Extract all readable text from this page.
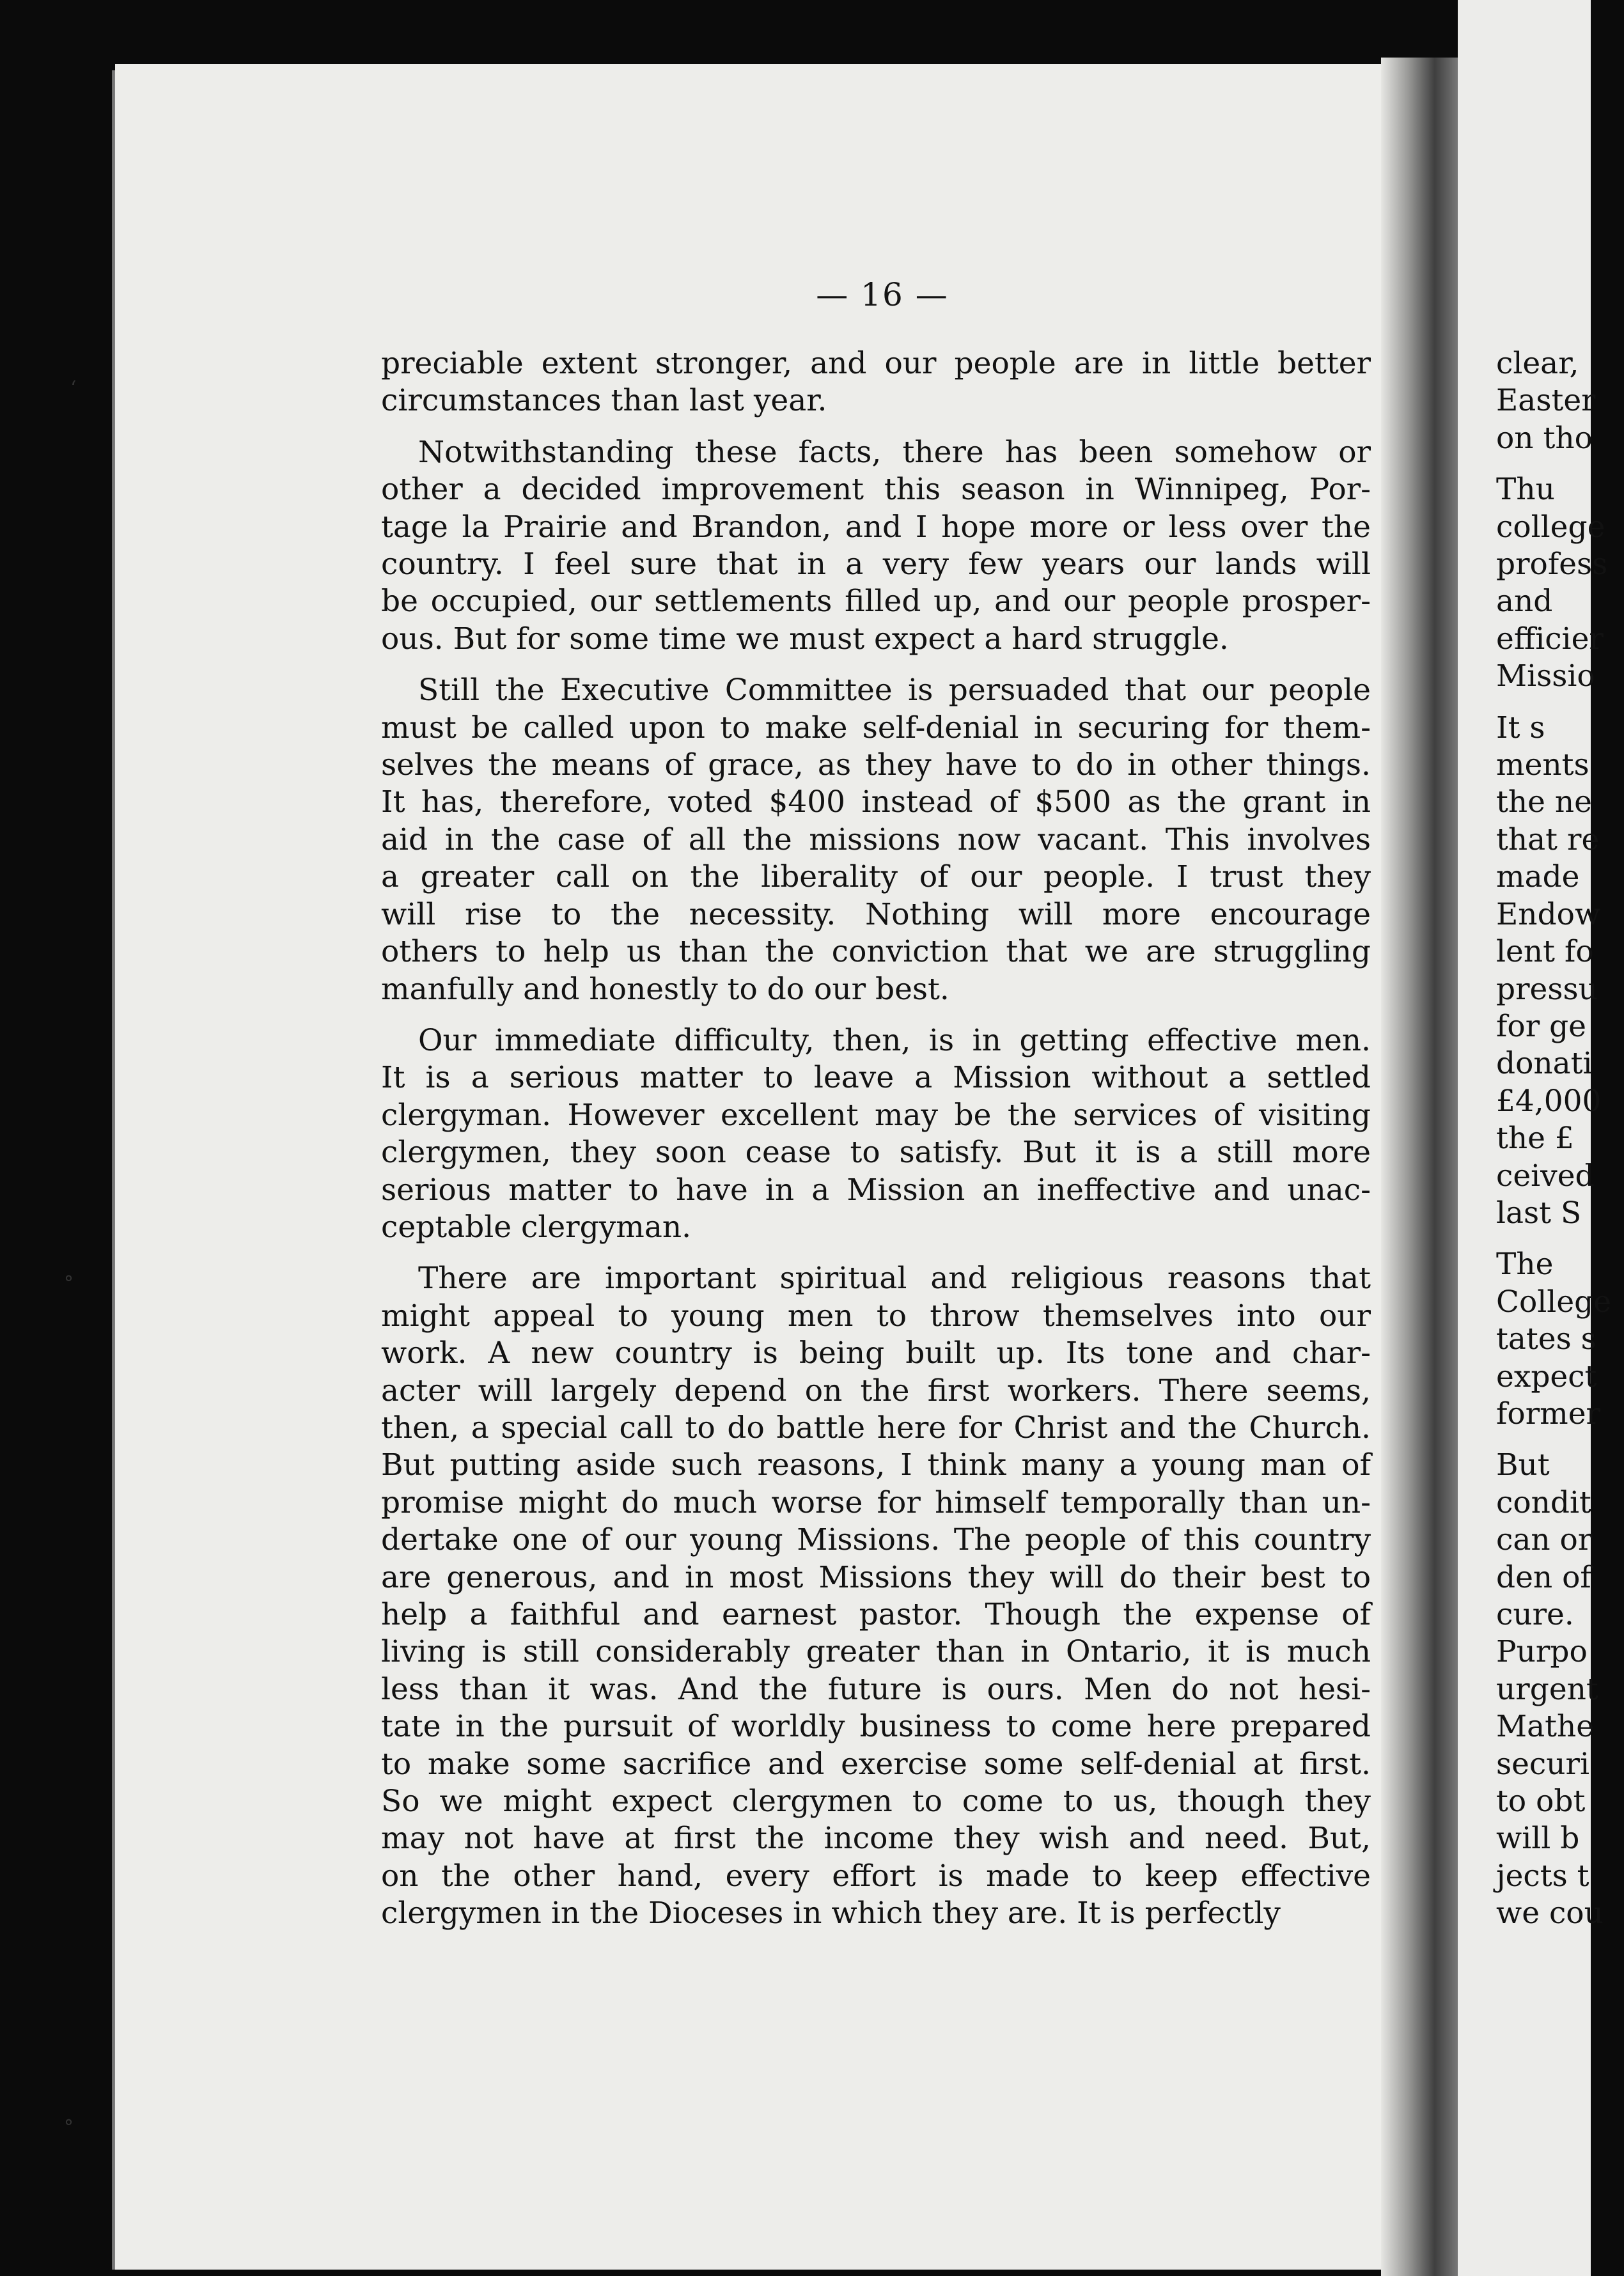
— 16 —
preciable extent stronger, and our people are in little better
circumstances than last year.
Notwithstanding these facts, there has been somehow or
other a decided improvement this season in Winnipeg, Por-
tage la Prairie and Brandon, and I hope more or less over the
country. I feel sure that in a very few years our lands will
be occupied, our settlements filled up, and our people prosper-
ous. But for some time we must expect a hard struggle.
Still the Executive Committee is persuaded that our people
must be called upon to make self-denial in securing for them-
selves the means of grace, as they have to do in other things.
It has, therefore, voted $400 instead of $500 as the grant in
aid in the case of all the missions now vacant. This involves
a greater call on the liberality of our people. I trust they
will rise to the necessity. Nothing will more encourage
others to help us than the conviction that we are struggling
manfully and honestly to do our best.
Our immediate difficulty, then, is in getting effective men.
It is a serious matter to leave a Mission without a settled
clergyman. However excellent may be the services of visiting
clergymen, they soon cease to satisfy. But it is a still more
serious matter to have in a Mission an ineffective and unac-
ceptable clergyman.
There are important spiritual and religious reasons that
might appeal to young men to throw themselves into our
work. A new country is being built up. Its tone and char-
acter will largely depend on the first workers. There seems,
then, a special call to do battle here for Christ and the Church.
But putting aside such reasons, I think many a young man of
promise might do much worse for himself temporally than un-
dertake one of our young Missions. The people of this country
are generous, and in most Missions they will do their best to
help a faithful and earnest pastor. Though the expense of
living is still considerably greater than in Ontario, it is much
less than it was. And the future is ours. Men do not hesi-
tate in the pursuit of worldly business to come here prepared
to make some sacrifice and exercise some self-denial at first.
So we might expect clergymen to come to us, though they
may not have at first the income they wish and need. But,
on the other hand, every effort is made to keep effective
clergymen in the Dioceses in which they are. It is perfectly
clear,
Easter
on tho
Thu
college
profess
and
efficier
Missio
It s
ments
the ne
that re
made
Endow
lent fo
pressu
for ge
donati
£4,000
the £
ceived
last S
The
College
tates s
expect
former
But
condit
can or
den of
cure.
Purpo
urgent
Mathe
securi
to obt
will b
jects t
we cou
ʻ
°
°
